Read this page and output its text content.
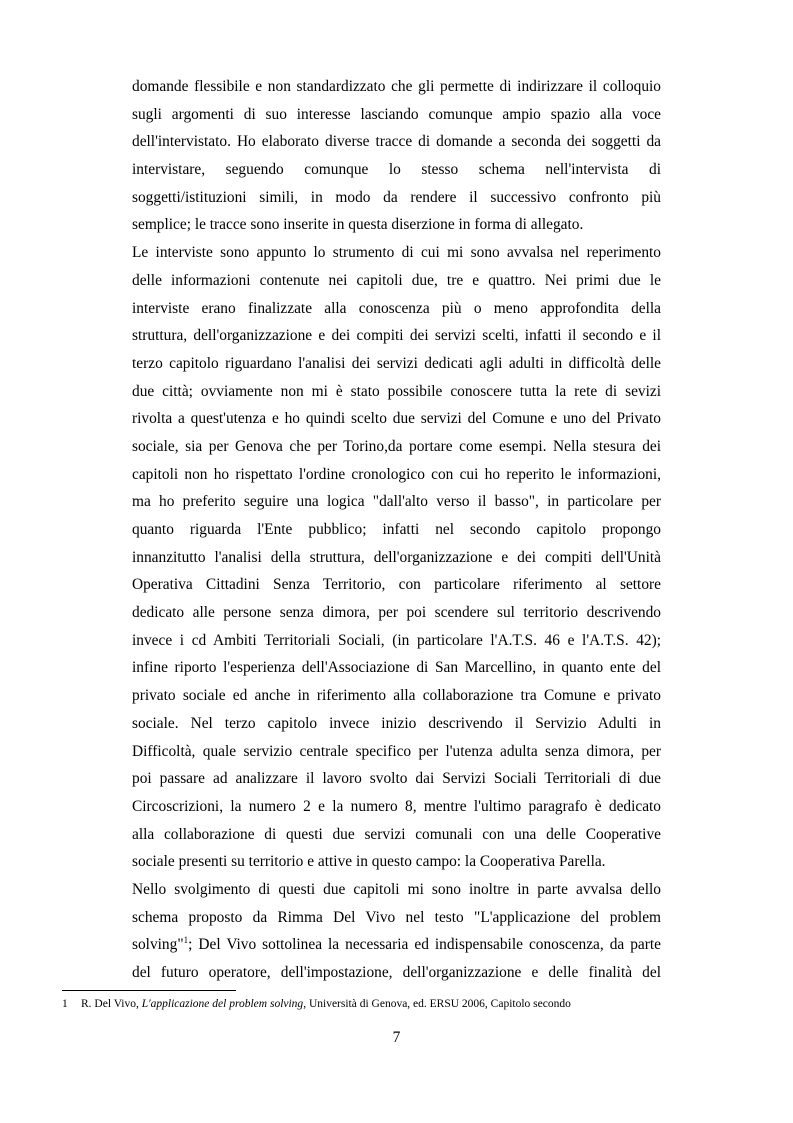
domande flessibile e non standardizzato che gli permette di indirizzare il colloquio
sugli argomenti di suo interesse lasciando comunque ampio spazio alla voce
dell'intervistato. Ho elaborato diverse tracce di domande a seconda dei soggetti da
intervistare, seguendo comunque lo stesso schema nell'intervista di
soggetti/istituzioni simili, in modo da rendere il successivo confronto più
semplice; le tracce sono inserite in questa diserzione in forma di allegato.
Le interviste sono appunto lo strumento di cui mi sono avvalsa nel reperimento
delle informazioni contenute nei capitoli due, tre e quattro. Nei primi due le
interviste erano finalizzate alla conoscenza più o meno approfondita della
struttura, dell'organizzazione e dei compiti dei servizi scelti, infatti il secondo e il
terzo capitolo riguardano l'analisi dei servizi dedicati agli adulti in difficoltà delle
due città; ovviamente non mi è stato possibile conoscere tutta la rete di sevizi
rivolta a quest'utenza e ho quindi scelto due servizi del Comune e uno del Privato
sociale, sia per Genova che per Torino,da portare come esempi. Nella stesura dei
capitoli non ho rispettato l'ordine cronologico con cui ho reperito le informazioni,
ma ho preferito seguire una logica "dall'alto verso il basso", in particolare per
quanto riguarda l'Ente pubblico; infatti nel secondo capitolo propongo
innanzitutto l'analisi della struttura, dell'organizzazione e dei compiti dell'Unità
Operativa Cittadini Senza Territorio, con particolare riferimento al settore
dedicato alle persone senza dimora, per poi scendere sul territorio descrivendo
invece i cd Ambiti Territoriali Sociali, (in particolare l'A.T.S. 46 e l'A.T.S. 42);
infine riporto l'esperienza dell'Associazione di San Marcellino, in quanto ente del
privato sociale ed anche in riferimento alla collaborazione tra Comune e privato
sociale. Nel terzo capitolo invece inizio descrivendo il Servizio Adulti in
Difficoltà, quale servizio centrale specifico per l'utenza adulta senza dimora, per
poi passare ad analizzare il lavoro svolto dai Servizi Sociali Territoriali di due
Circoscrizioni, la numero 2 e la numero 8, mentre l'ultimo paragrafo è dedicato
alla collaborazione di questi due servizi comunali con una delle Cooperative
sociale presenti su territorio e attive in questo campo: la Cooperativa Parella.
Nello svolgimento di questi due capitoli mi sono inoltre in parte avvalsa dello
schema proposto da Rimma Del Vivo nel testo "L'applicazione del problem
solving"$^1$; Del Vivo sottolinea la necessaria ed indispensabile conoscenza, da parte
del futuro operatore, dell'impostazione, dell'organizzazione e delle finalità del
1 R. Del Vivo, L'applicazione del problem solving, Università di Genova, ed. ERSU 2006, Capitolo secondo
7
